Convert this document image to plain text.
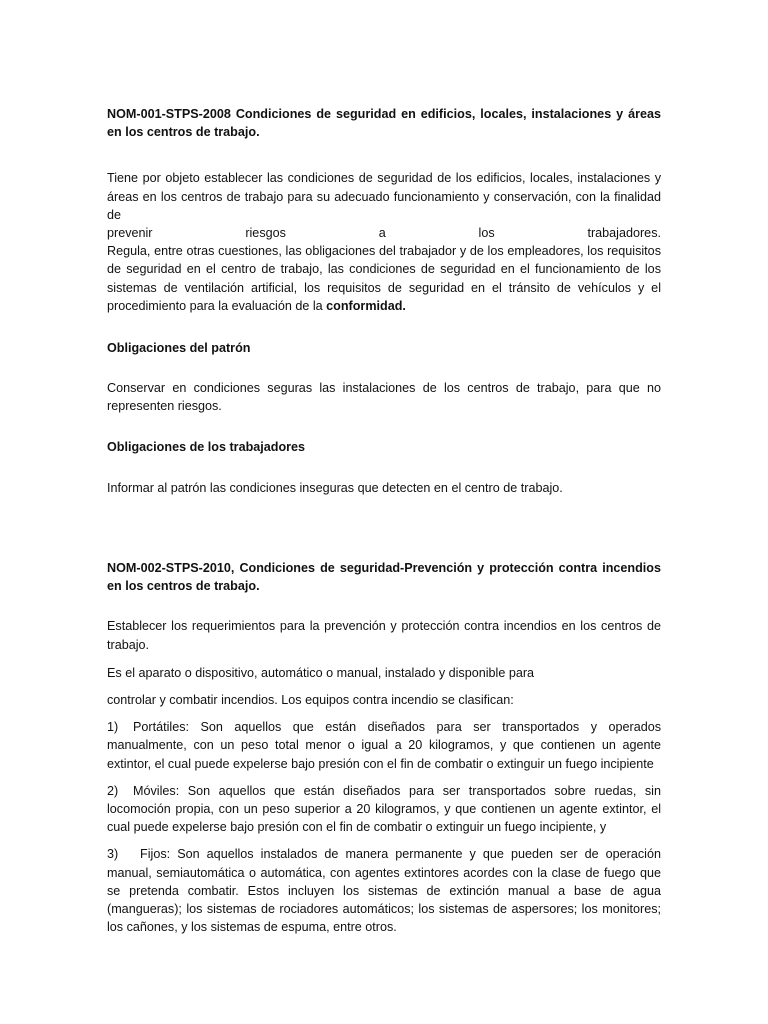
NOM-001-STPS-2008 Condiciones de seguridad en edificios, locales, instalaciones y áreas en los centros de trabajo.

Tiene por objeto establecer las condiciones de seguridad de los edificios, locales, instalaciones y áreas en los centros de trabajo para su adecuado funcionamiento y conservación, con la finalidad de

prevenir riesgos a los trabajadores.

Regula, entre otras cuestiones, las obligaciones del trabajador y de los empleadores, los requisitos de seguridad en el centro de trabajo, las condiciones de seguridad en el funcionamiento de los sistemas de ventilación artificial, los requisitos de seguridad en el tránsito de vehículos y el procedimiento para la evaluación de la conformidad.

Obligaciones del patrón

Conservar en condiciones seguras las instalaciones de los centros de trabajo, para que no representen riesgos.

Obligaciones de los trabajadores

Informar al patrón las condiciones inseguras que detecten en el centro de trabajo.

NOM-002-STPS-2010, Condiciones de seguridad-Prevención y protección contra incendios en los centros de trabajo.

Establecer los requerimientos para la prevención y protección contra incendios en los centros de trabajo.

Es el aparato o dispositivo, automático o manual, instalado y disponible para

controlar y combatir incendios. Los equipos contra incendio se clasifican:

1) Portátiles: Son aquellos que están diseñados para ser transportados y operados manualmente, con un peso total menor o igual a 20 kilogramos, y que contienen un agente extintor, el cual puede expelerse bajo presión con el fin de combatir o extinguir un fuego incipiente

2) Móviles: Son aquellos que están diseñados para ser transportados sobre ruedas, sin locomoción propia, con un peso superior a 20 kilogramos, y que contienen un agente extintor, el cual puede expelerse bajo presión con el fin de combatir o extinguir un fuego incipiente, y

3) Fijos: Son aquellos instalados de manera permanente y que pueden ser de operación manual, semiautomática o automática, con agentes extintores acordes con la clase de fuego que se pretenda combatir. Estos incluyen los sistemas de extinción manual a base de agua (mangueras); los sistemas de rociadores automáticos; los sistemas de aspersores; los monitores; los cañones, y los sistemas de espuma, entre otros.
